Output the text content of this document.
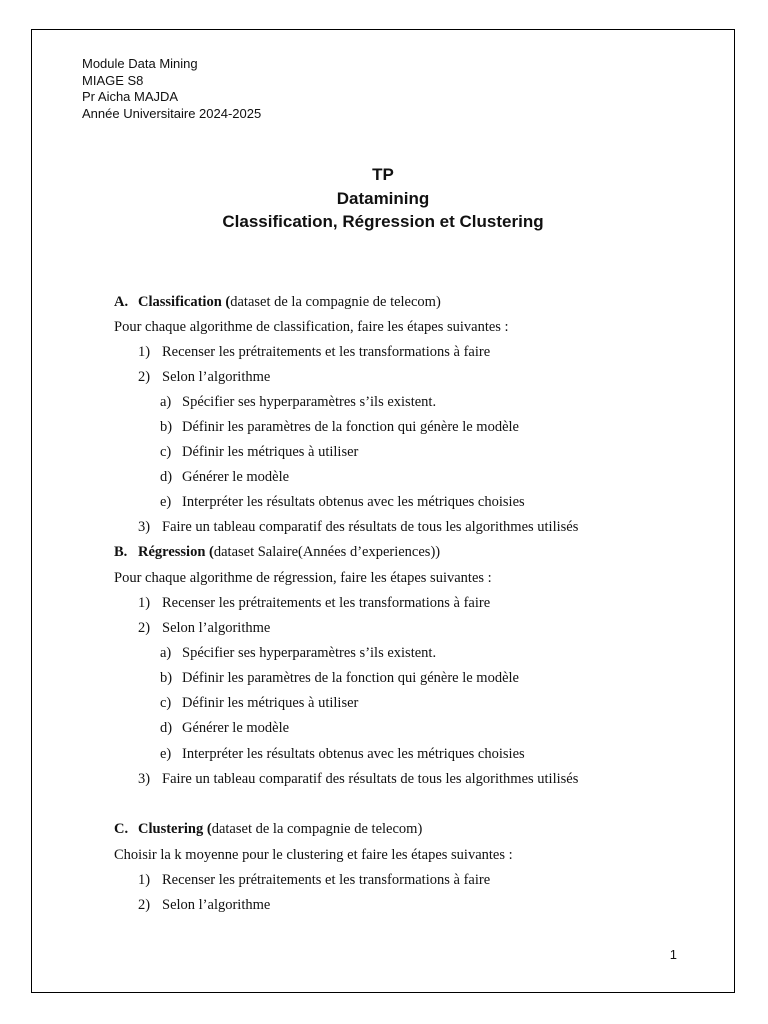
Module Data Mining
MIAGE S8
Pr Aicha MAJDA
Année Universitaire 2024-2025
TP
Datamining
Classification, Régression et Clustering
A. Classification (dataset de la compagnie de telecom)
Pour chaque algorithme de classification, faire les étapes suivantes :
1) Recenser les prétraitements et les transformations à faire
2) Selon l’algorithme
a) Spécifier ses hyperparamètres s’ils existent.
b) Définir les paramètres de la fonction qui génère le modèle
c) Définir les métriques à utiliser
d) Générer le modèle
e) Interpréter les résultats obtenus avec les métriques choisies
3) Faire un tableau comparatif des résultats de tous les algorithmes utilisés
B. Régression (dataset Salaire(Années d’experiences))
Pour chaque algorithme de régression, faire les étapes suivantes :
1) Recenser les prétraitements et les transformations à faire
2) Selon l’algorithme
a) Spécifier ses hyperparamètres s’ils existent.
b) Définir les paramètres de la fonction qui génère le modèle
c) Définir les métriques à utiliser
d) Générer le modèle
e) Interpréter les résultats obtenus avec les métriques choisies
3) Faire un tableau comparatif des résultats de tous les algorithmes utilisés
C. Clustering (dataset de la compagnie de telecom)
Choisir la k moyenne pour le clustering et faire les étapes suivantes :
1) Recenser les prétraitements et les transformations à faire
2) Selon l’algorithme
1
